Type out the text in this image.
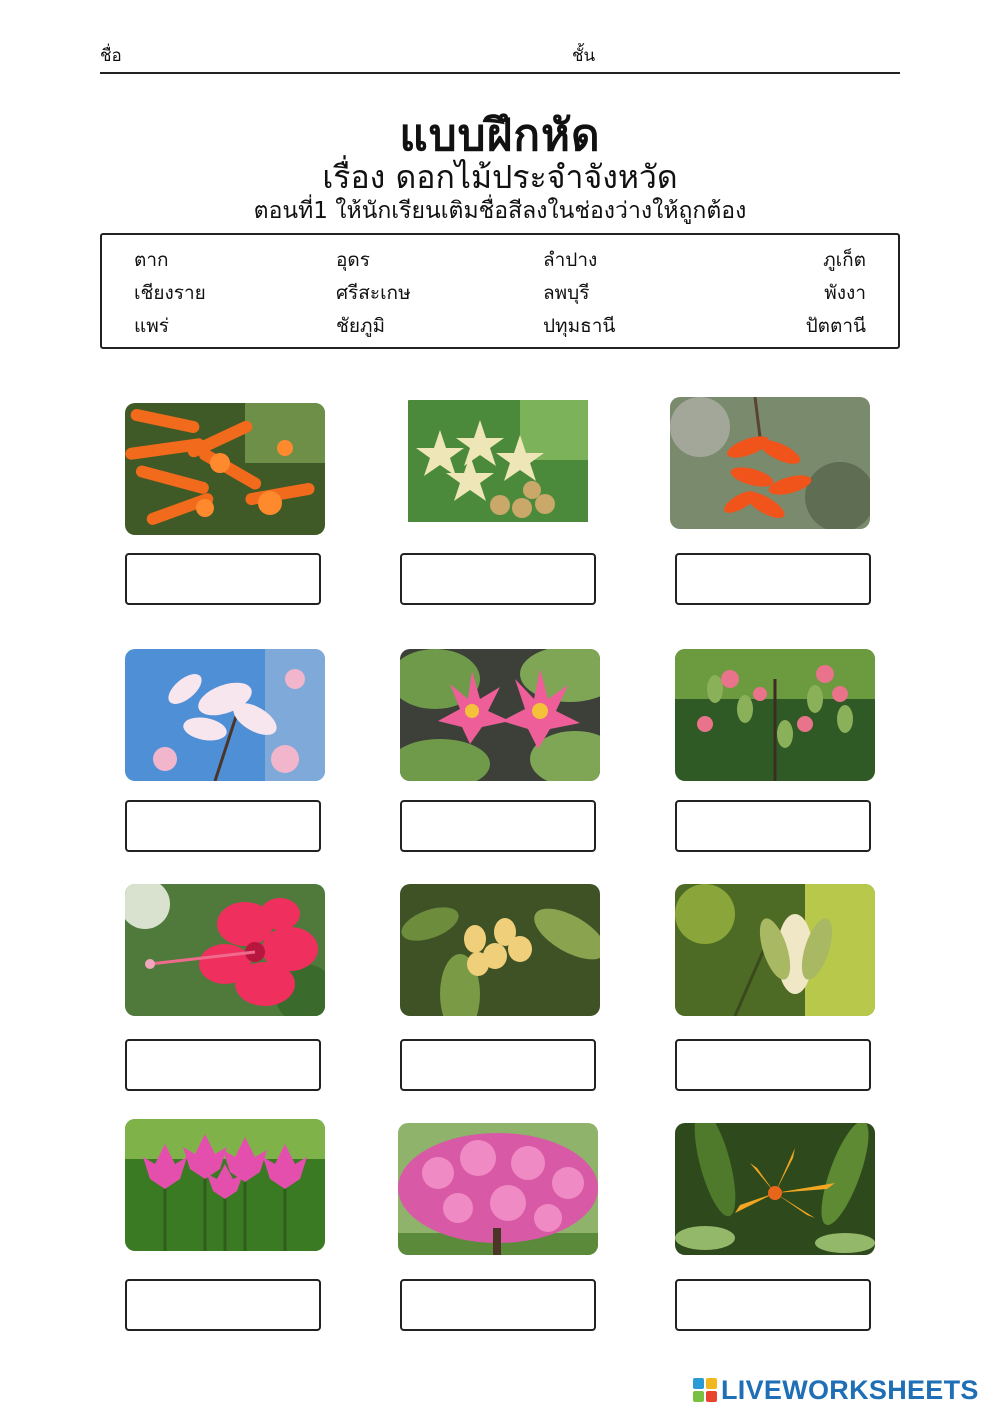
ชื่อ	ชั้น
แบบฝึกหัด
เรื่อง ดอกไม้ประจำจังหวัด
ตอนที่1 ให้นักเรียนเติมชื่อสีลงในช่องว่างให้ถูกต้อง
ตาก	อุดร	ลำปาง	ภูเก็ต
เชียงราย	ศรีสะเกษ	ลพบุรี	พังงา
แพร่	ชัยภูมิ	ปทุมธานี	ปัตตานี
LIVEWORKSHEETS
